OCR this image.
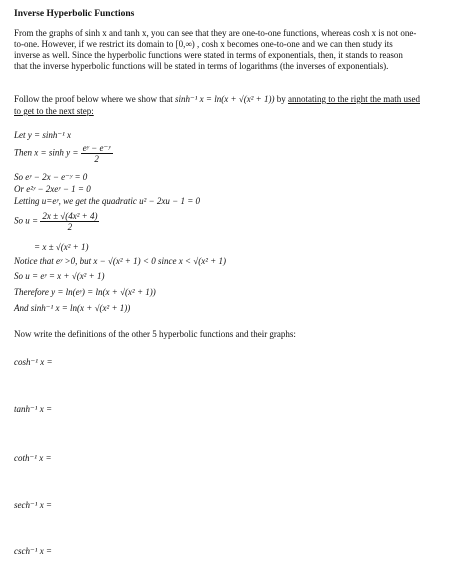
Inverse Hyperbolic Functions
From the graphs of sinh x and tanh x, you can see that they are one-to-one functions, whereas cosh x is not one-
to-one. However, if we restrict its domain to [0,∞) , cosh x becomes one-to-one and we can then study its
inverse as well. Since the hyperbolic functions were stated in terms of exponentials, then, it stands to reason
that the inverse hyperbolic functions will be stated in terms of logarithms (the inverses of exponentials).
Follow the proof below where we show that sinh⁻¹ x = ln(x + √(x² + 1)) by annotating to the right the math used
to get to the next step:
Let y = sinh⁻¹ x
Then $x = \sinh y = \frac{\text{eʸ − e⁻ʸ}}{2}$
So eʸ − 2x − e⁻ʸ = 0
Or e²ʸ − 2xeʸ − 1 = 0
Letting u=eʸ, we get the quadratic u² − 2xu − 1 = 0
So $u = \frac{\text{2x ± √(4x² + 4)}}{2}$
= x ± √(x² + 1)
Notice that eʸ >0, but x − √(x² + 1) < 0 since x < √(x² + 1)
So u = eʸ = x + √(x² + 1)
Therefore y = ln(eʸ) = ln(x + √(x² + 1))
And sinh⁻¹ x = ln(x + √(x² + 1))
Now write the definitions of the other 5 hyperbolic functions and their graphs:
cosh⁻¹ x =
tanh⁻¹ x =
coth⁻¹ x =
sech⁻¹ x =
csch⁻¹ x =
